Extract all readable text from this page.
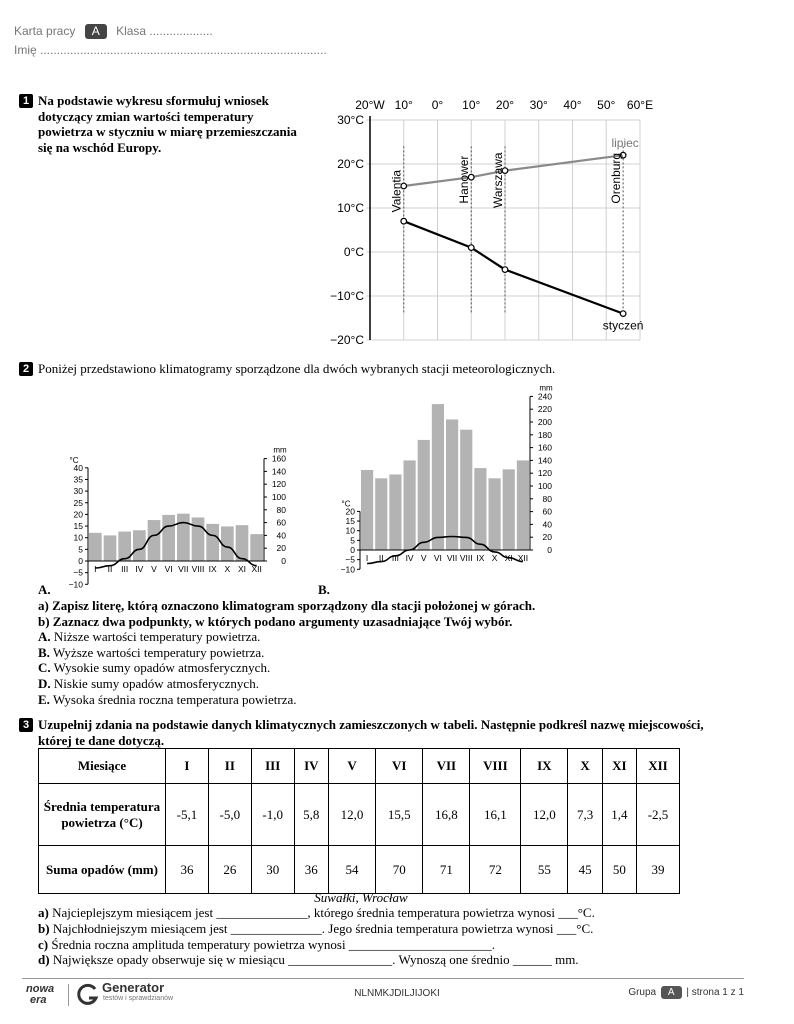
Karta pracy A Klasa ...................
Imię ......................................................................................
1 Na podstawie wykresu sformułuj wniosek dotyczący zmian wartości temperatury powietrza w styczniu w miarę przemieszczania się na wschód Europy.
20°W 10° 0° 10° 20° 30° 40° 50° 60°E
30°C
20°C
10°C
0°C
−10°C
−20°C
lipiec
styczeń
Valentia	Hanower Warszawa	Orenburg
2 Poniżej przedstawiono klimatogramy sporządzone dla dwóch wybranych stacji meteorologicznych.
40
35
30
25
20
15
10
5
0
−5
−10
°C	160
140
120
100
80
60
40
20
0
mm
I II III IV V VI VII VIII IX X XI XII
A.
20
15
10
5
0
−5
−10
°C
240
220
200
180
160
140
120
100
80
60
40
20
0
mm
I II III IV V VI VII VIII IX X XI XII
B.
a) Zapisz literę, którą oznaczono klimatogram sporządzony dla stacji położonej w górach.
b) Zaznacz dwa podpunkty, w których podano argumenty uzasadniające Twój wybór.
A. Niższe wartości temperatury powietrza.
B. Wyższe wartości temperatury powietrza.
C. Wysokie sumy opadów atmosferycznych.
D. Niskie sumy opadów atmosferycznych.
E. Wysoka średnia roczna temperatura powietrza.
3 Uzupełnij zdania na podstawie danych klimatycznych zamieszczonych w tabeli. Następnie podkreśl nazwę miejscowości, której te dane dotyczą.
Miesiące	I	II	III	IV	V	VI	VII	VIII	IX	X	XI	XII
Średnia temperatura powietrza (°C)	-5,1	-5,0	-1,0	5,8	12,0	15,5	16,8	16,1	12,0	7,3	1,4	-2,5
Suma opadów (mm)	36	26	30	36	54	70	71	72	55	45	50	39
Suwałki, Wrocław
a) Najcieplejszym miesiącem jest ______________, którego średnia temperatura powietrza wynosi ___°C.
b) Najchłodniejszym miesiącem jest ______________. Jego średnia temperatura powietrza wynosi ___°C.
c) Średnia roczna amplituda temperatury powietrza wynosi ______________________.
d) Największe opady obserwuje się w miesiącu ________________. Wynoszą one średnio ______ mm.
nowa
era
Generator
testów i sprawdzianów	NLNMKJDILJIJOKI	Grupa A | strona 1 z 1
